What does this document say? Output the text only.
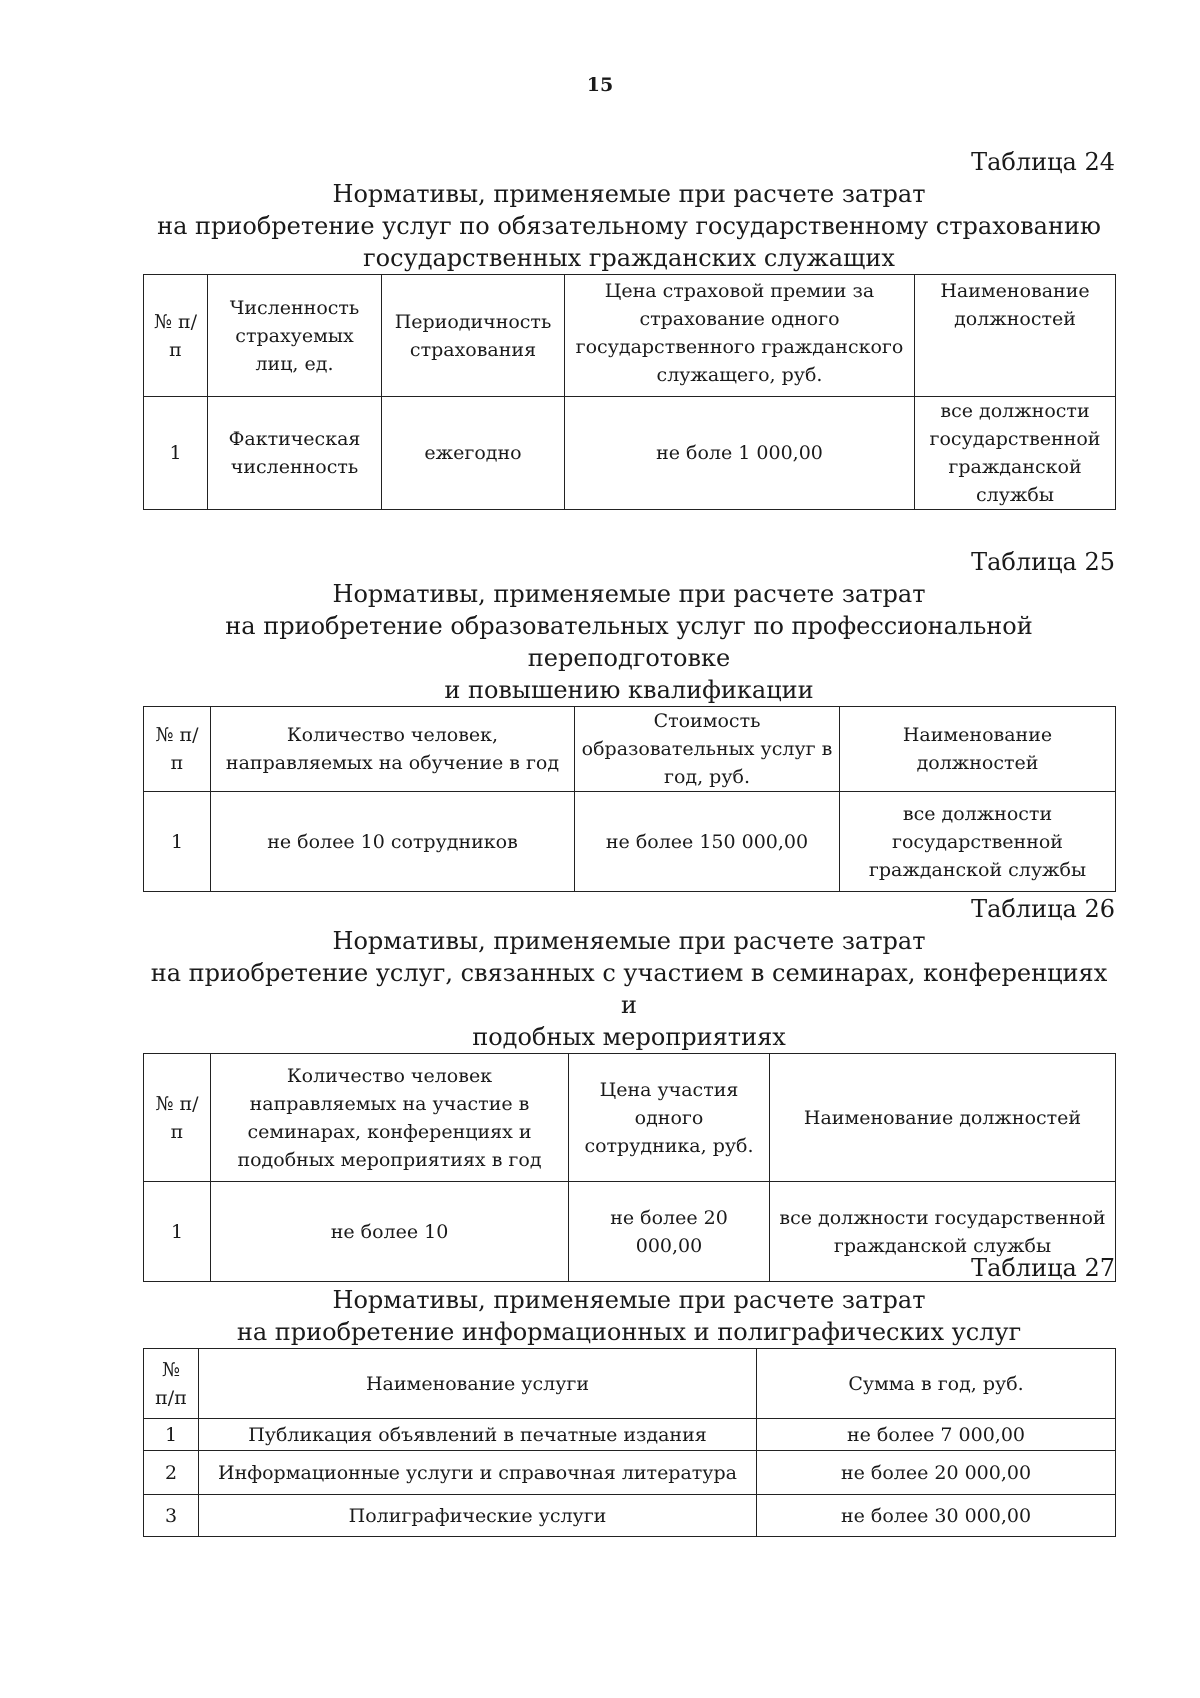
15
Таблица 24
Нормативы, применяемые при расчете затрат
на приобретение услуг по обязательному государственному страхованию
государственных гражданских служащих
№ п/п	Численность страхуемых лиц, ед.	Периодичность страхования	Цена страховой премии за страхование одного государственного гражданского служащего, руб.	Наименование должностей
1	Фактическая численность	ежегодно	не боле 1 000,00	все должности государственной гражданской службы
Таблица 25
Нормативы, применяемые при расчете затрат
на приобретение образовательных услуг по профессиональной переподготовке
и повышению квалификации
№ п/п	Количество человек, направляемых на обучение в год	Стоимость образовательных услуг в год, руб.	Наименование должностей
1	не более 10 сотрудников	не более 150 000,00	все должности государственной гражданской службы
Таблица 26
Нормативы, применяемые при расчете затрат
на приобретение услуг, связанных с участием в семинарах, конференциях и
подобных мероприятиях
№ п/п	Количество человек направляемых на участие в семинарах, конференциях и подобных мероприятиях в год	Цена участия одного сотрудника, руб.	Наименование должностей
1	не более 10	не более 20 000,00	все должности государственной гражданской службы
Таблица 27
Нормативы, применяемые при расчете затрат
на приобретение информационных и полиграфических услуг
№ п/п	Наименование услуги	Сумма в год, руб.
1	Публикация объявлений в печатные издания	не более 7 000,00
2	Информационные услуги и справочная литература	не более 20 000,00
3	Полиграфические услуги	не более 30 000,00
